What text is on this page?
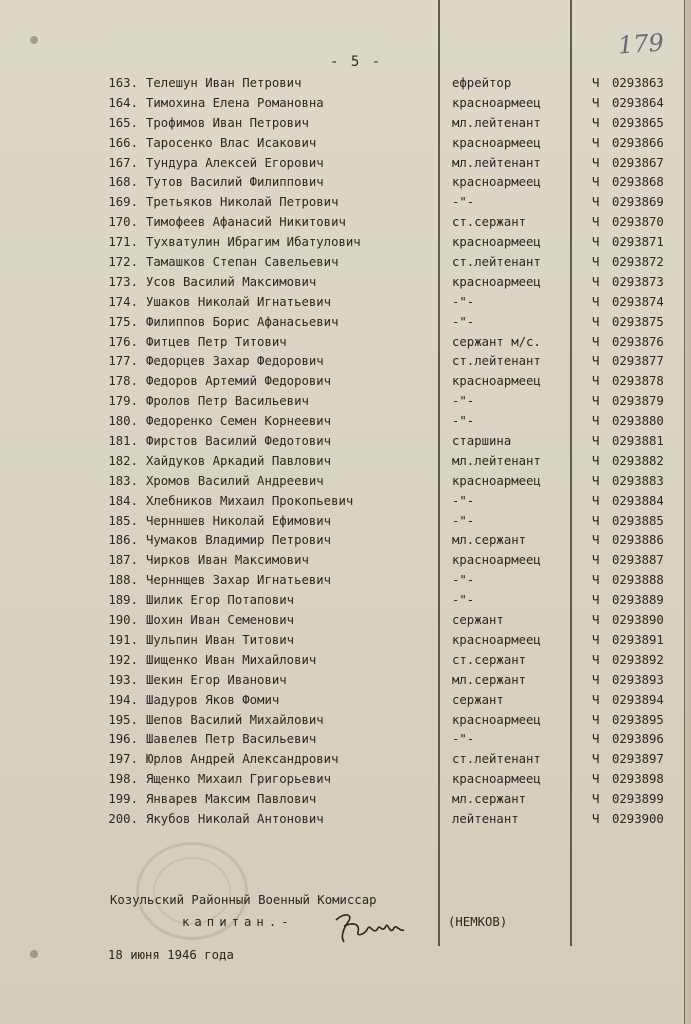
- 5 -
179
163. Телешун Иван Петрович	ефрейтор	Ч 0293863
164. Тимохина Елена Романовна	красноармеец	Ч 0293864
165. Трофимов Иван Петрович	мл.лейтенант	Ч 0293865
166. Таросенко Влас Исакович	красноармеец	Ч 0293866
167. Тундура Алексей Егорович	мл.лейтенант	Ч 0293867
168. Тутов Василий Филиппович	красноармеец	Ч 0293868
169. Третьяков Николай Петрович	-"-	Ч 0293869
170. Тимофеев Афанасий Никитович	ст.сержант	Ч 0293870
171. Тухватулин Ибрагим Ибатулович	красноармеец	Ч 0293871
172. Тамашков Степан Савельевич	ст.лейтенант	Ч 0293872
173. Усов Василий Максимович	красноармеец	Ч 0293873
174. Ушаков Николай Игнатьевич	-"-	Ч 0293874
175. Филиппов Борис Афанасьевич	-"-	Ч 0293875
176. Фитцев Петр Титович	сержант м/с.	Ч 0293876
177. Федорцев Захар Федорович	ст.лейтенант	Ч 0293877
178. Федоров Артемий Федорович	красноармеец	Ч 0293878
179. Фролов Петр Васильевич	-"-	Ч 0293879
180. Федоренко Семен Корнеевич	-"-	Ч 0293880
181. Фирстов Василий Федотович	старшина	Ч 0293881
182. Хайдуков Аркадий Павлович	мл.лейтенант	Ч 0293882
183. Хромов Василий Андреевич	красноармеец	Ч 0293883
184. Хлебников Михаил Прокопьевич	-"-	Ч 0293884
185. Чернншев Николай Ефимович	-"-	Ч 0293885
186. Чумаков Владимир Петрович	мл.сержант	Ч 0293886
187. Чирков Иван Максимович	красноармеец	Ч 0293887
188. Черннщев Захар Игнатьевич	-"-	Ч 0293888
189. Шилик Егор Потапович	-"-	Ч 0293889
190. Шохин Иван Семенович	сержант	Ч 0293890
191. Шульпин Иван Титович	красноармеец	Ч 0293891
192. Шищенко Иван Михайлович	ст.сержант	Ч 0293892
193. Шекин Егор Иванович	мл.сержант	Ч 0293893
194. Шадуров Яков Фомич	сержант	Ч 0293894
195. Шепов Василий Михайлович	красноармеец	Ч 0293895
196. Шавелев Петр Васильевич	-"-	Ч 0293896
197. Юрлов Андрей Александрович	ст.лейтенант	Ч 0293897
198. Ященко Михаил Григорьевич	красноармеец	Ч 0293898
199. Январев Максим Павлович	мл.сержант	Ч 0293899
200. Якубов Николай Антонович	лейтенант	Ч 0293900
Козульский Районный Военный Комиссар
капитан.-	(НЕМКОВ)
18 июня 1946 года
